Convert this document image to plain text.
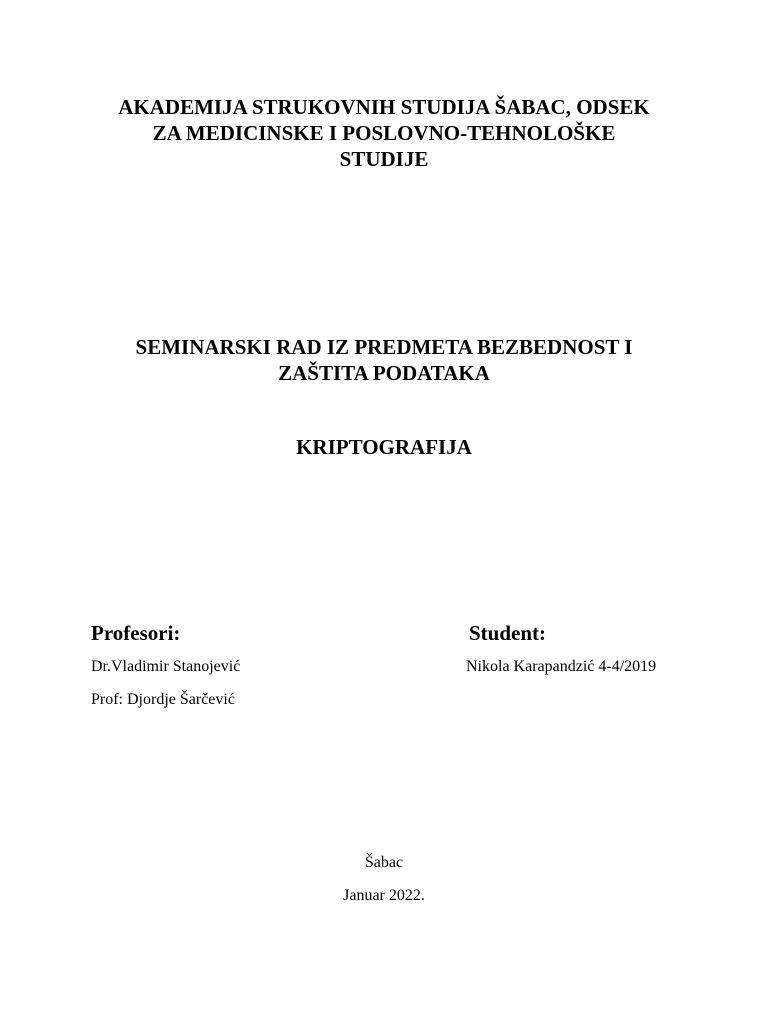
AKADEMIJA STRUKOVNIH STUDIJA ŠABAC, ODSEK
ZA MEDICINSKE I POSLOVNO-TEHNOLOŠKE
STUDIJE
SEMINARSKI RAD IZ PREDMETA BEZBEDNOST I
ZAŠTITA PODATAKA
KRIPTOGRAFIJA
Profesori:	Student:
Dr.Vladimir Stanojević
Prof: Djordje Šarčević
Nikola Karapandzić 4-4/2019
Šabac
Januar 2022.
